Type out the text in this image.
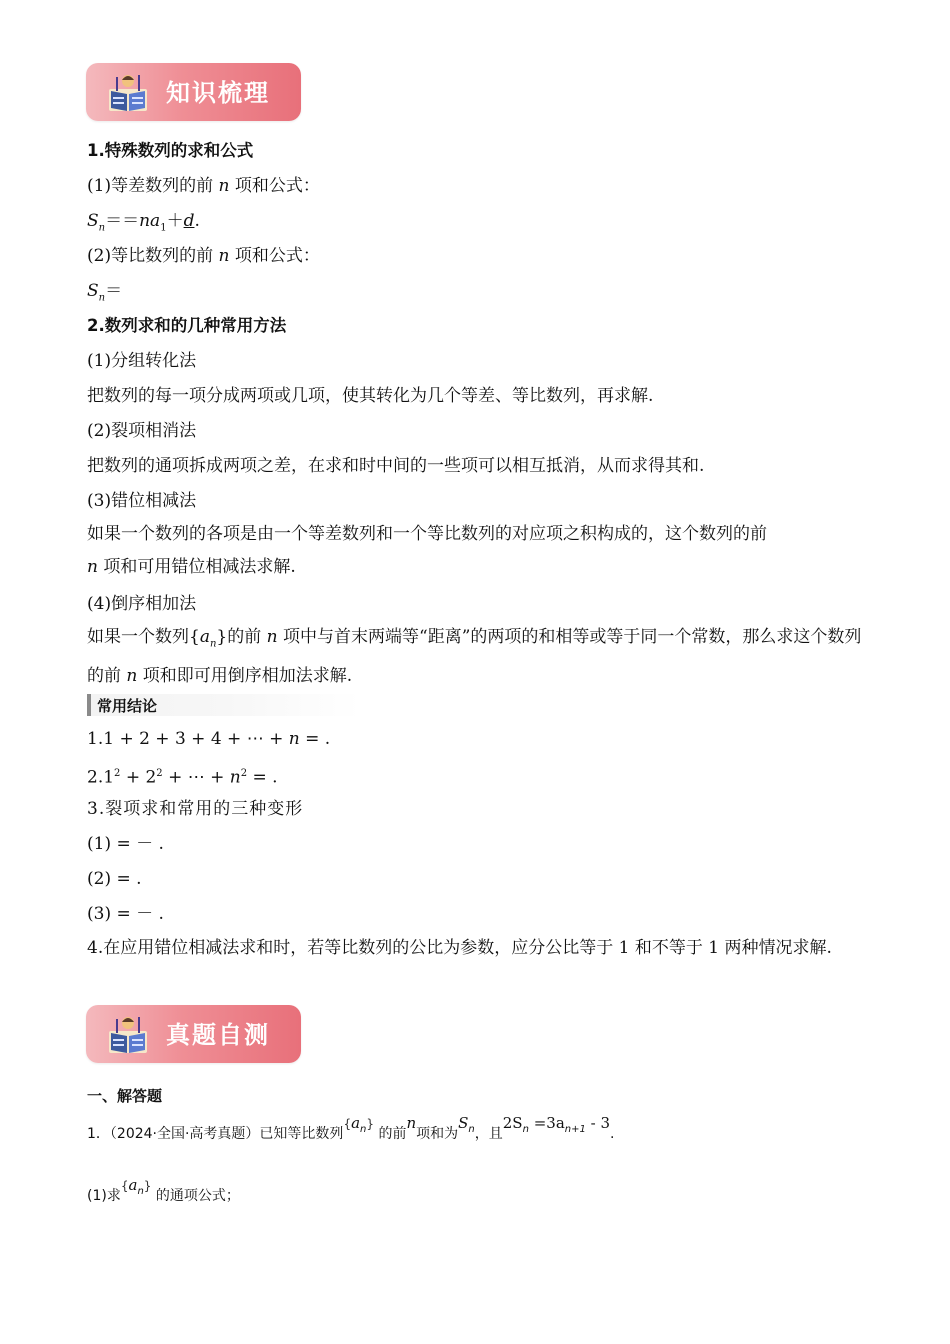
知识梳理
1.特殊数列的求和公式
(1)等差数列的前 n 项和公式：
$S_n==na_1+d$.
(2)等比数列的前 n 项和公式：
$S_n=$
2.数列求和的几种常用方法
(1)分组转化法
把数列的每一项分成两项或几项，使其转化为几个等差、等比数列，再求解.
(2)裂项相消法
把数列的通项拆成两项之差，在求和时中间的一些项可以相互抵消，从而求得其和.
(3)错位相减法
如果一个数列的各项是由一个等差数列和一个等比数列的对应项之积构成的，这个数列的前
n 项和可用错位相减法求解.
(4)倒序相加法
如果一个数列$\{a_n\}$的前 n 项中与首末两端等“距离”的两项的和相等或等于同一个常数，那么求这个数列的前 n 项和即可用倒序相加法求解.
常用结论
1.1 + 2 + 3 + 4 + ⋯ + n = .
$2.1^2 + 2^2$ + ⋯ + $n^2$ = .
3.裂项求和常用的三种变形
(1) = － .
(2) = .
(3) = － .
4.在应用错位相减法求和时，若等比数列的公比为参数，应分公比等于 1 和不等于 1 两种情况求解.
真题自测
一、解答题
1．（2024·全国·高考真题）已知等比数列$\{a_n\}$ 的前n项和为$S_n$，且$2S_n =3a_{n+1} - 3$.
(1)求$\{a_n\}$ 的通项公式；
